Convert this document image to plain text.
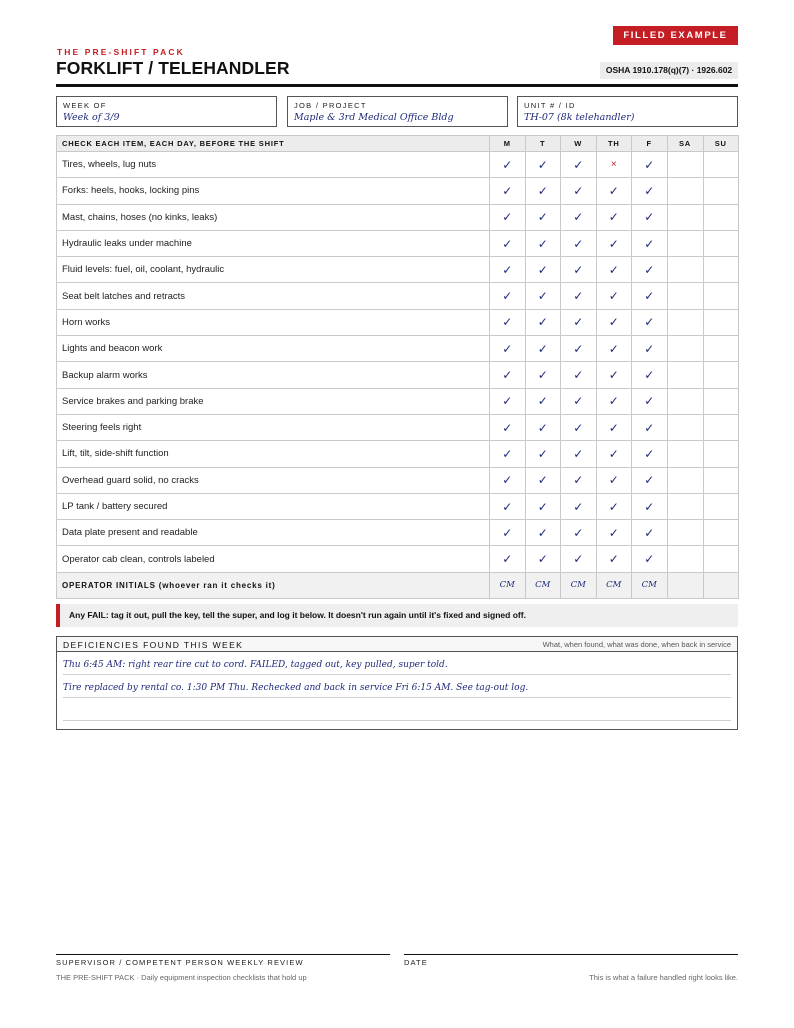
FILLED EXAMPLE
THE PRE-SHIFT PACK
FORKLIFT / TELEHANDLER	OSHA 1910.178(q)(7) · 1926.602
WEEK OF
Week of 3/9
JOB / PROJECT
Maple & 3rd Medical Office Bldg
UNIT # / ID
TH-07 (8k telehandler)
CHECK EACH ITEM, EACH DAY, BEFORE THE SHIFT	M	T	W	TH	F	SA	SU
Tires, wheels, lug nuts	✓	✓	✓	×	✓		
Forks: heels, hooks, locking pins	✓	✓	✓	✓	✓		
Mast, chains, hoses (no kinks, leaks)	✓	✓	✓	✓	✓		
Hydraulic leaks under machine	✓	✓	✓	✓	✓		
Fluid levels: fuel, oil, coolant, hydraulic	✓	✓	✓	✓	✓		
Seat belt latches and retracts	✓	✓	✓	✓	✓		
Horn works	✓	✓	✓	✓	✓		
Lights and beacon work	✓	✓	✓	✓	✓		
Backup alarm works	✓	✓	✓	✓	✓		
Service brakes and parking brake	✓	✓	✓	✓	✓		
Steering feels right	✓	✓	✓	✓	✓		
Lift, tilt, side-shift function	✓	✓	✓	✓	✓		
Overhead guard solid, no cracks	✓	✓	✓	✓	✓		
LP tank / battery secured	✓	✓	✓	✓	✓		
Data plate present and readable	✓	✓	✓	✓	✓		
Operator cab clean, controls labeled	✓	✓	✓	✓	✓		
OPERATOR INITIALS (whoever ran it checks it)	CM	CM	CM	CM	CM		
Any FAIL: tag it out, pull the key, tell the super, and log it below. It doesn't run again until it's fixed and signed off.
DEFICIENCIES FOUND THIS WEEK	What, when found, what was done, when back in service
Thu 6:45 AM: right rear tire cut to cord. FAILED, tagged out, key pulled, super told.
Tire replaced by rental co. 1:30 PM Thu. Rechecked and back in service Fri 6:15 AM. See tag-out log.
SUPERVISOR / COMPETENT PERSON WEEKLY REVIEW	DATE
THE PRE-SHIFT PACK · Daily equipment inspection checklists that hold up	This is what a failure handled right looks like.
